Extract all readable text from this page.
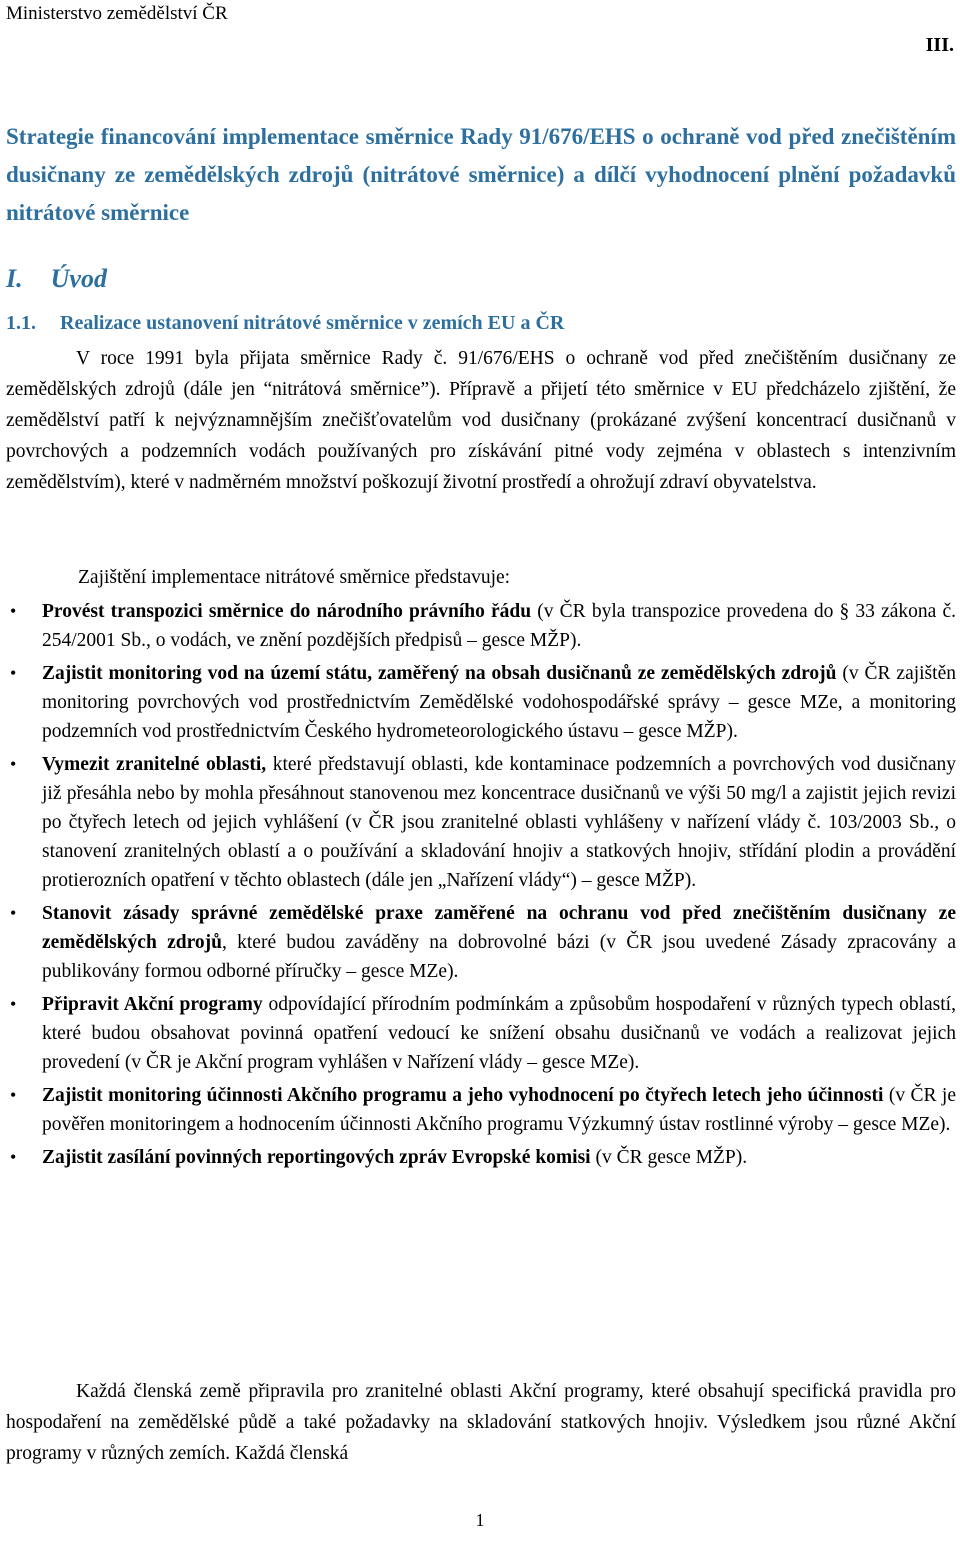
Ministerstvo zemědělství ČR
III.
Strategie financování implementace směrnice Rady 91/676/EHS o ochraně vod před znečištěním dusičnany ze zemědělských zdrojů (nitrátové směrnice) a dílčí vyhodnocení plnění požadavků nitrátové směrnice
I. Úvod
1.1. Realizace ustanovení nitrátové směrnice v zemích EU a ČR
V roce 1991 byla přijata směrnice Rady č. 91/676/EHS o ochraně vod před znečištěním dusičnany ze zemědělských zdrojů (dále jen “nitrátová směrnice”). Přípravě a přijetí této směrnice v EU předcházelo zjištění, že zemědělství patří k nejvýznamnějším znečišťovatelům vod dusičnany (prokázané zvýšení koncentrací dusičnanů v povrchových a podzemních vodách používaných pro získávání pitné vody zejména v oblastech s intenzivním zemědělstvím), které v nadměrném množství poškozují životní prostředí a ohrožují zdraví obyvatelstva.
Zajištění implementace nitrátové směrnice představuje:
• Provést transpozici směrnice do národního právního řádu (v ČR byla transpozice provedena do § 33 zákona č. 254/2001 Sb., o vodách, ve znění pozdějších předpisů – gesce MŽP).
• Zajistit monitoring vod na území státu, zaměřený na obsah dusičnanů ze zemědělských zdrojů (v ČR zajištěn monitoring povrchových vod prostřednictvím Zemědělské vodohospodářské správy – gesce MZe, a monitoring podzemních vod prostřednictvím Českého hydrometeorologického ústavu – gesce MŽP).
• Vymezit zranitelné oblasti, které představují oblasti, kde kontaminace podzemních a povrchových vod dusičnany již přesáhla nebo by mohla přesáhnout stanovenou mez koncentrace dusičnanů ve výši 50 mg/l a zajistit jejich revizi po čtyřech letech od jejich vyhlášení (v ČR jsou zranitelné oblasti vyhlášeny v nařízení vlády č. 103/2003 Sb., o stanovení zranitelných oblastí a o používání a skladování hnojiv a statkových hnojiv, střídání plodin a provádění protierozních opatření v těchto oblastech (dále jen „Nařízení vlády“) – gesce MŽP).
• Stanovit zásady správné zemědělské praxe zaměřené na ochranu vod před znečištěním dusičnany ze zemědělských zdrojů, které budou zaváděny na dobrovolné bázi (v ČR jsou uvedené Zásady zpracovány a publikovány formou odborné příručky – gesce MZe).
• Připravit Akční programy odpovídající přírodním podmínkám a způsobům hospodaření v různých typech oblastí, které budou obsahovat povinná opatření vedoucí ke snížení obsahu dusičnanů ve vodách a realizovat jejich provedení (v ČR je Akční program vyhlášen v Nařízení vlády – gesce MZe).
• Zajistit monitoring účinnosti Akčního programu a jeho vyhodnocení po čtyřech letech jeho účinnosti (v ČR je pověřen monitoringem a hodnocením účinnosti Akčního programu Výzkumný ústav rostlinné výroby – gesce MZe).
• Zajistit zasílání povinných reportingových zpráv Evropské komisi (v ČR gesce MŽP).
Každá členská země připravila pro zranitelné oblasti Akční programy, které obsahují specifická pravidla pro hospodaření na zemědělské půdě a také požadavky na skladování statkových hnojiv. Výsledkem jsou různé Akční programy v různých zemích. Každá členská
1
